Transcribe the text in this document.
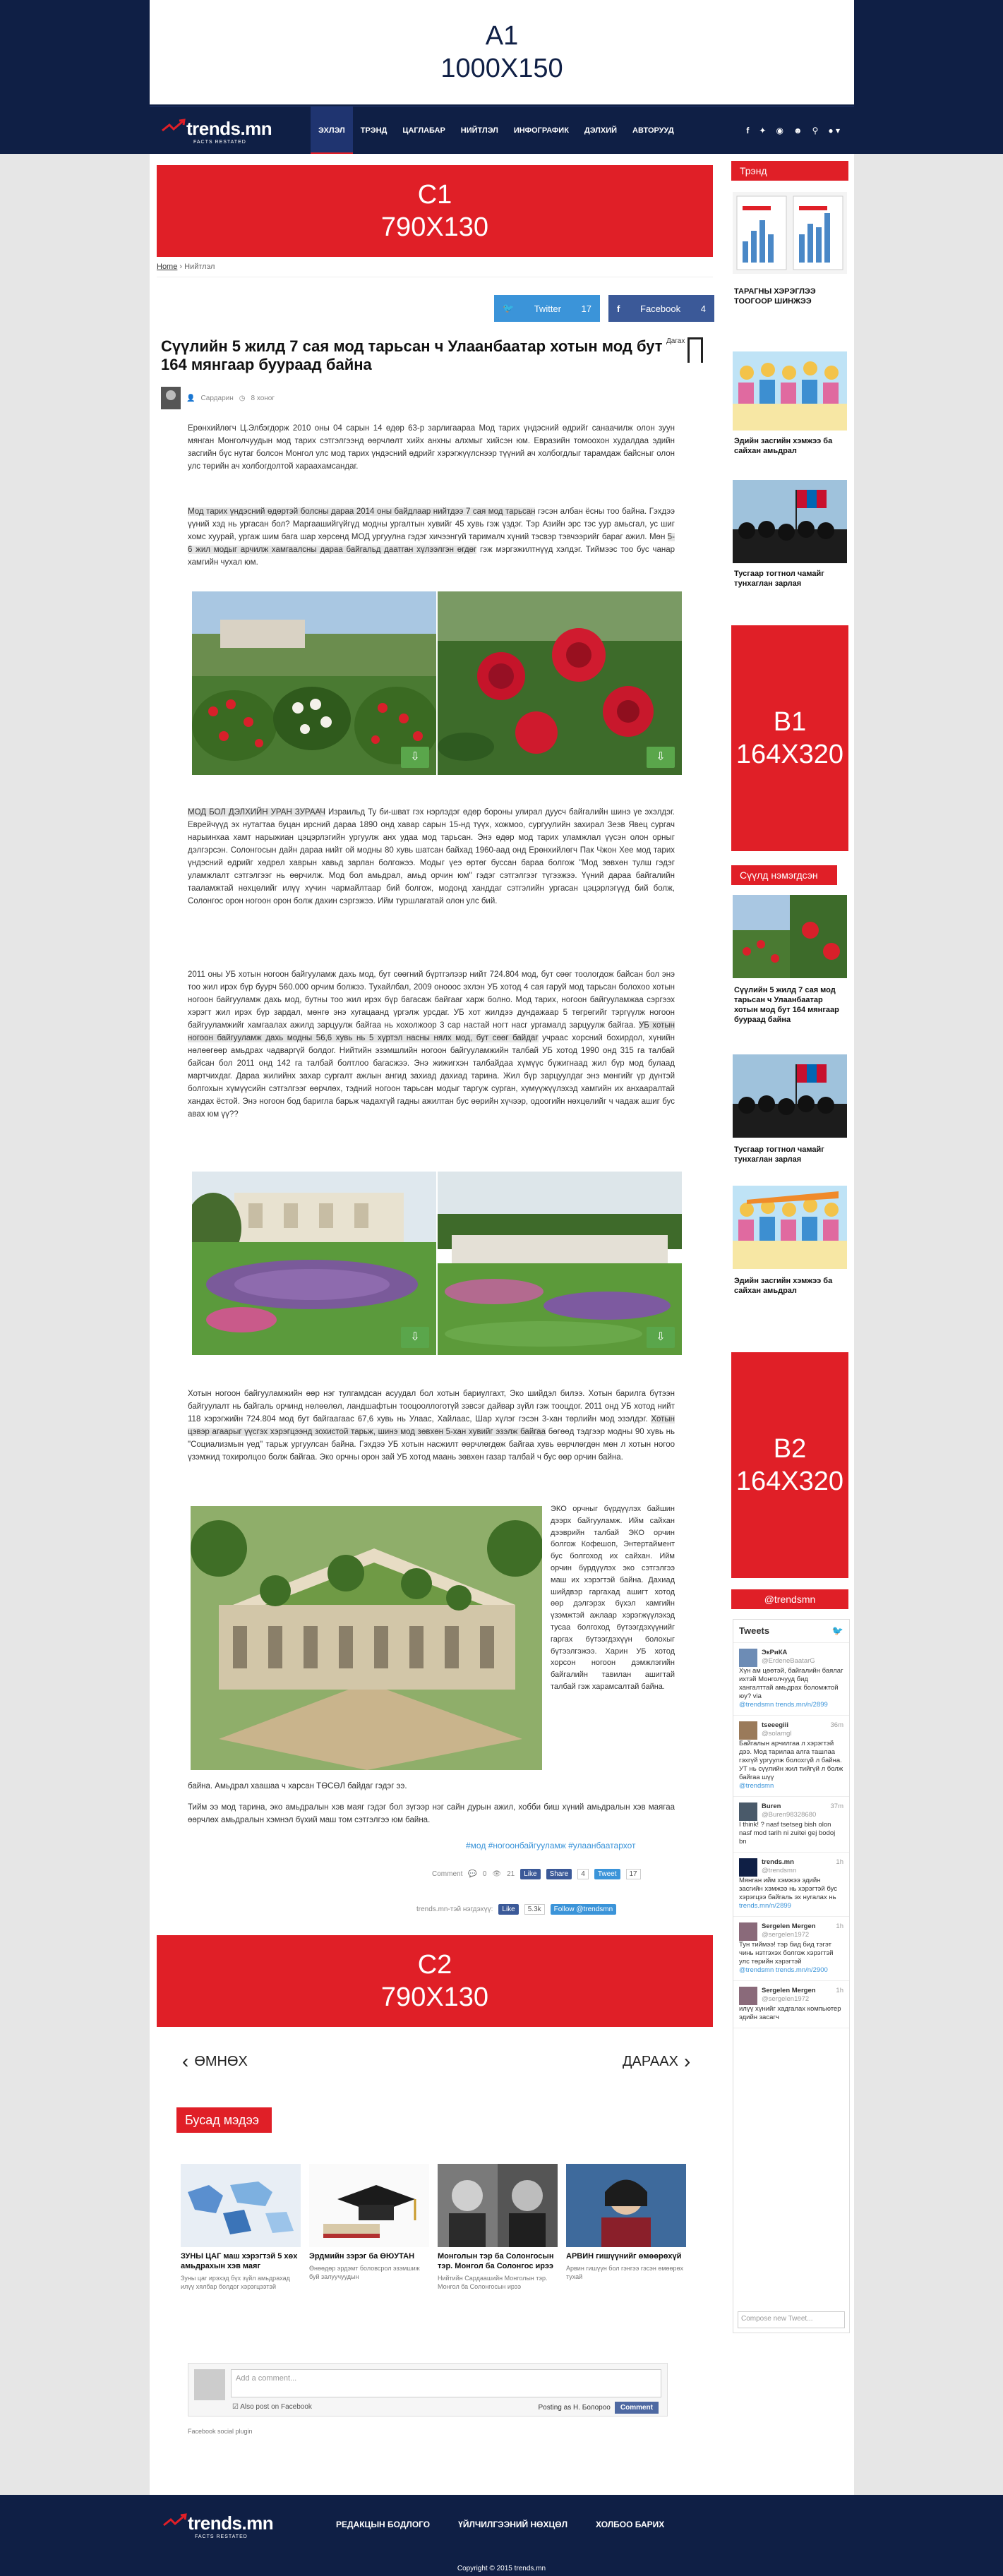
A1
1000X150
trends.mn
FACTS RESTATED
ЭХЛЭЛ	ТРЭНД	ЦАГЛАБАР	НИЙТЛЭЛ	ИНФОГРАФИК	ДЭЛХИЙ	АВТОРУУД	f ✦ ◉ ☻ ⚲ ● ▾
C1
790X130
Home › Нийтлэл
🐦 Twitter 17	f Facebook 4
Сүүлийн 5 жилд 7 сая мод тарьсан ч Улаанбаатар хотын мод бут 164 мянгаар буураад байна
Дагах
👤 Сардарин ◷ 8 хоног

Ерөнхийлөгч Ц.Элбэгдорж 2010 оны 04 сарын 14 өдөр 63-р зарлигаараа Мод тарих үндэсний өдрийг санаачилж олон зуун мянган Монголчуудын мод тарих сэтгэлгээнд өөрчлөлт хийх анхны алхмыг хийсэн юм. Евразийн томоохон худалдаа эдийн засгийн бүс нутаг болсон Монгол улс мод тарих үндэсний өдрийг хэрэгжүүлснээр түүний ач холбогдлыг тарамдаж байсныг олон улс төрийн ач холбогдолтой хараахамсандаг.

Мод тарих үндэсний өдөртэй болсны дараа 2014 оны байдлаар нийтдээ 7 сая мод тарьсан гэсэн албан ёсны тоо байна. Гэхдээ үүний хэд нь ургасан бол? Маргаашийгүйгүд модны ургалтын хувийг 45 хувь гэж үздэг. Тэр Азийн эрс тэс уур амьсгал, ус шиг хомс хуурай, ургаж шим бага шар хөрсөнд МОД ургуулна гэдэг хичээнгүй тарималч хүний тэсвэр тэвчээрийг бараг ажил. Мөн 5-6 жил модыг арчилж хамгаалсны дараа байгальд даатган хүлээлгэн өгдөг гэж мэргэжилтнүүд хэлдэг. Тиймээс тоо бус чанар хамгийн чухал юм.

⇩	⇩

МОД БОЛ ДЭЛХИЙН УРАН ЗУРААЧ Израильд Ту би-шват гэх нэрлэдэг өдөр бороны улирал дуусч байгалийн шинэ үе эхэлдэг. Еврейчүүд эх нутагтаа буцан ирсний дараа 1890 онд хавар сарын 15-нд түүх, хожмоо, сургуулийн захирал Зеэв Явец сургач нарыинхаа хамт нарыжиан цэцэрлэгийн ургуулж анх удаа мод тарьсан. Энэ өдөр мод тарих уламжлал үүсэн олон орныг дэлгэрсэн. Солонгосын дайн дараа нийт ой модны 80 хувь шатсан байхад 1960-аад онд Ерөнхийлөгч Пак Чжон Хее мод тарих үндэсний өдрийг хөдрөл хаврын хавьд зарлан болгожээ. Модыг үеэ өртөг буссан бараа болгож "Мод зөвхөн тулш гэдэг уламжлалт сэтгэлгээг нь өөрчилж. Мод бол амьдрал, амьд орчин юм" гэдэг сэтгэлгээг түгээжээ. Үүний дараа байгалийн тааламжтай нөхцөлийг илүү хүчин чармайлтаар бий болгож, модонд ханддаг сэтгэлийн ургасан цэцэрлэгүүд бий болж, Солонгос орон ногоон орон болж дахин сэргэжээ. Ийм туршлагатай олон улс бий.

2011 оны УБ хотын ногоон байгууламж дахь мод, бут сөөгний бүртгэлээр нийт 724.804 мод, бут сөөг тоологдож байсан бол энэ тоо жил ирэх бүр буурч 560.000 орчим болжээ. Тухайлбал, 2009 онооос эхлэн УБ хотод 4 сая гаруй мод тарьсан болохоо хотын ногоон байгууламж дахь мод, бутны тоо жил ирэх бүр багасаж байгааг харж болно. Мод тарих, ногоон байгууламжаа сэргээх хэрэгт жил ирэх бүр зардал, мөнгө энэ хугацаанд үргэлж урсдаг. УБ хот жилдээ дундажаар 5 төгрөгийг тэргүүлж ногоон байгууламжийг хамгаалах ажилд зарцуулж байгаа нь хохолжоор 3 сар настай ногт насг ургамалд зарцуулж байгаа. УБ хотын ногоон байгууламж дахь модны 56,6 хувь нь 5 хүртэл насны нялх мод, бут сөөг байдаг учраас хорсний бохирдол, хүнийн нөлөөгөөр амьдрах чадваргүй болдог. Нийтийн эзэмшлийн ногоон байгууламжийн талбай УБ хотод 1990 онд 315 га талбай байсан бол 2011 онд 142 га талбай болтлоо багасжээ. Энэ жижигхэн талбайдаа хүмүүс бүжигнаад жил бүр мод булаад мартчихдаг. Дараа жилийнх захар сургалт ажлын ангид захиад дахиад тарина. Жил бүр зарцуулдаг энэ мөнгийг үр дүнтэй болгохын хүмүүсийн сэтгэлгээг өөрчлөх, тэдний ногоон тарьсан модыг таргуж сурган, хүмүүжүүлэхэд хамгийн их анхааралтай хандах ёстой. Энэ ногоон бод баригла барьж чадахгүй гадны ажилтан бус өөрийн хүчээр, одоогийн нөхцөлийг ч чадаж ашиг бус авах юм үү??

⇩	⇩

Хотын ногоон байгууламжийн өөр нэг тулгамдсан асуудал бол хотын бариулгахт, Эко шийдэл билээ. Хотын барилга бүтээн байгуулалт нь байгаль орчинд нөлөөлөл, ландшафтын тооцооллоготүй зэвсэг дайвар зүйл гэж тооцдог. 2011 онд УБ хотод нийт 118 хэрэгжийн 724.804 мод бут байгаагаас 67,6 хувь нь Улаас, Хайлаас, Шар хүлэг гэсэн 3-хан төрлийн мод эзэлдэг. Хотын цэвэр агаарыг үүсгэх хэрэгцээнд зохистой тарьж, шинэ мод зөвхөн 5-хан хувийг эзэлж байгаа бөгөөд тэдгээр модны 90 хувь нь "Социализмын үед" тарьж ургуулсан байна. Гэхдээ УБ хотын насжилт өөрчлөгдөж байгаа хувь өөрчлөгдөн мөн л хотын ногоо үзэмжид тохиролцоо болж байгаа. Эко орчны орон зай УБ хотод маань зөвхөн газар талбай ч бус өөр орчин байна.

ЭКО орчныг бүрдүүлэх байшин дээрх байгууламж. Ийм сайхан дээврийн талбай ЭКО орчин болгож Кофешоп, Энтертаймент бус болгоход их сайхан. Ийм орчин бүрдүүлэх эко сэтгэлгээ маш их хэрэгтэй байна. Дахиад шийдвэр гаргахад ашигт хотод өөр дэлгэрэх бүхэл хамгийн үзэмжтэй ажлаар хэрэгжүүлэхэд тусаа болгоход бүтээгдэхүүнийг гаргах бүтээгдэхүүн болохыг бүтээлгэжээ. Харин УБ хотод хорсон ногоон дэмжлэгийн байгалийн тавилан ашигтай талбай гэж харамсалтай байна.

байна. Амьдрал хаашаа ч харсан ТӨСӨЛ байдаг гэдэг ээ.

Тийм ээ мод тарина, эко амьдралын хэв маяг гэдэг бол зүгээр нэг сайн дурын ажил, хобби биш хүний амьдралын хэв маягаа өөрчлөх амьдралын хэмнэл бүхий маш том сэтгэлгээ юм байна.

#мод #ногоонбайгууламж #улаанбаатархот
Comment 💬 0 👁 21	Like	Share	4	Tweet	17
trends.mn-тэй нэгдэхүү:	Like	5.3k	Follow @trendsmn
C2
790X130
‹ ӨМНӨХ	ДАРААХ ›
Бусад мэдээ
ЗУНЫ ЦАГ маш хэрэгтэй 5 хөх амьдрахын хэв маяг
Зуны цаг ирэхэд бүх зүйл амьдрахад илүү хялбар болдог хэрэгцээтэй
Эрдмийн зэрэг ба ӨЮУТАН
Өнөөдөр эрдэмт боловсрол эзэмшиж буй залуучуудын
Монголын тэр ба Солонгосын тэр. Монгол ба Солонгос ирээ
Нийтийн Сардаашийн Монголын тэр. Монгол ба Солонгосын ирээ
АРВИН гишүүнийг өмөөрөхүй
Арвин гишүүн бол гэнгээ гэсэн өмөөрөх тухай
Add a comment...
☑ Also post on Facebook	Posting as Н. Болороо	Comment
Facebook social plugin
Трэнд
ТАРАГНЫ ХЭРЭГЛЭЭ ТООГООР ШИНЖЭЭ
Эдийн засгийн хэмжээ ба сайхан амьдрал
Тусгаар тогтнол чамайг тунхаглан зарлая
B1
164X320
Сүүлд нэмэгдсэн
Сүүлийн 5 жилд 7 сая мод тарьсан ч Улаанбаатар хотын мод бут 164 мянгаар буураад байна
Тусгаар тогтнол чамайг тунхаглан зарлая
Эдийн засгийн хэмжээ ба сайхан амьдрал
B2
164X320
@trendsmn
Tweets	🐦
ЭкРиКА
@ErdeneBaatarG
Хүн ам цөөтэй, байгалийн баялаг ихтэй Монголчууд бид хангалттай амьдрах боломжтой юу? via
@trendsmn trends.mn/n/2899
tseeegiii
@solamgl
36m
Байгалын арчилгаа л хэрэгтэй дээ. Мод тарилаа алга ташлаа гэхгүй ургуулж болохгүй л байна. УТ нь сүүлийн жил тийгүй л болж байгаа шүү
@trendsmn
Buren
@Buren98328680
37m
I think! ? nasf tsetseg bish olon nasf mod tarih ni zuitei gej bodoj bn
trends.mn
@trendsmn
1h
Мянган ийм хэмжээ эдийн засгийн хэмжээ нь хэрэгтэй бус хэрэгцээ байгаль эх нугалах нь
trends.mn/n/2899
Sergelen Mergen
@sergelen1972
1h
Тун тиймээ! тэр бид бид тэгэт чинь нэтгэхэх болгож хэрэгтэй улс төрийн хэрэгтэй
@trendsmn trends.mn/n/2900
Sergelen Mergen
@sergelen1972
1h
илүү хүнийг хадгалах компьютер эдийн засагч
Compose new Tweet...
trends.mn
FACTS RESTATED
РЕДАКЦЫН БОДЛОГО	ҮЙЛЧИЛГЭЭНИЙ НӨХЦӨЛ	ХОЛБОО БАРИХ
Copyright © 2015 trends.mn
